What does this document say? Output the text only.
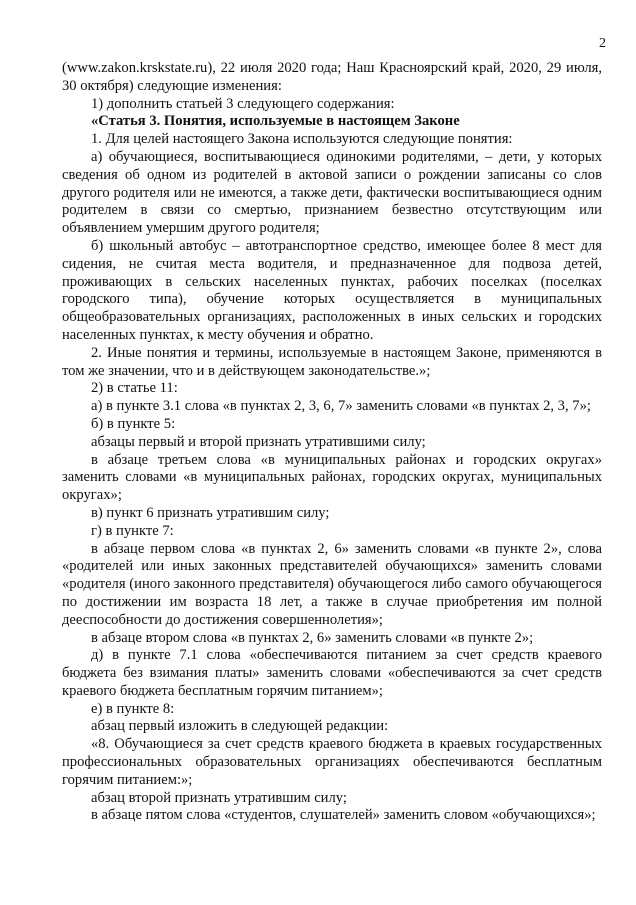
2

(www.zakon.krskstate.ru), 22 июля 2020 года; Наш Красноярский край, 2020, 29 июля, 30 октября) следующие изменения:

1) дополнить статьей 3 следующего содержания:

«Статья 3. Понятия, используемые в настоящем Законе

1. Для целей настоящего Закона используются следующие понятия:

а) обучающиеся, воспитывающиеся одинокими родителями, – дети, у которых сведения об одном из родителей в актовой записи о рождении записаны со слов другого родителя или не имеются, а также дети, фактически воспитывающиеся одним родителем в связи со смертью, признанием безвестно отсутствующим или объявлением умершим другого родителя;

б) школьный автобус – автотранспортное средство, имеющее более 8 мест для сидения, не считая места водителя, и предназначенное для подвоза детей, проживающих в сельских населенных пунктах, рабочих поселках (поселках городского типа), обучение которых осуществляется в муниципальных общеобразовательных организациях, расположенных в иных сельских и городских населенных пунктах, к месту обучения и обратно.

2. Иные понятия и термины, используемые в настоящем Законе, применяются в том же значении, что и в действующем законодательстве.»;

2) в статье 11:

а) в пункте 3.1 слова «в пунктах 2, 3, 6, 7» заменить словами «в пунктах 2, 3, 7»;

б) в пункте 5:

абзацы первый и второй признать утратившими силу;

в абзаце третьем слова «в муниципальных районах и городских округах» заменить словами «в муниципальных районах, городских округах, муниципальных округах»;

в) пункт 6 признать утратившим силу;

г) в пункте 7:

в абзаце первом слова «в пунктах 2, 6» заменить словами «в пункте 2», слова «родителей или иных законных представителей обучающихся» заменить словами «родителя (иного законного представителя) обучающегося либо самого обучающегося по достижении им возраста 18 лет, а также в случае приобретения им полной дееспособности до достижения совершеннолетия»;

в абзаце втором слова «в пунктах 2, 6» заменить словами «в пункте 2»;

д) в пункте 7.1 слова «обеспечиваются питанием за счет средств краевого бюджета без взимания платы» заменить словами «обеспечиваются за счет средств краевого бюджета бесплатным горячим питанием»;

е) в пункте 8:

абзац первый изложить в следующей редакции:

«8. Обучающиеся за счет средств краевого бюджета в краевых государственных профессиональных образовательных организациях обеспечиваются бесплатным горячим питанием:»;

абзац второй признать утратившим силу;

в абзаце пятом слова «студентов, слушателей» заменить словом «обучающихся»;
